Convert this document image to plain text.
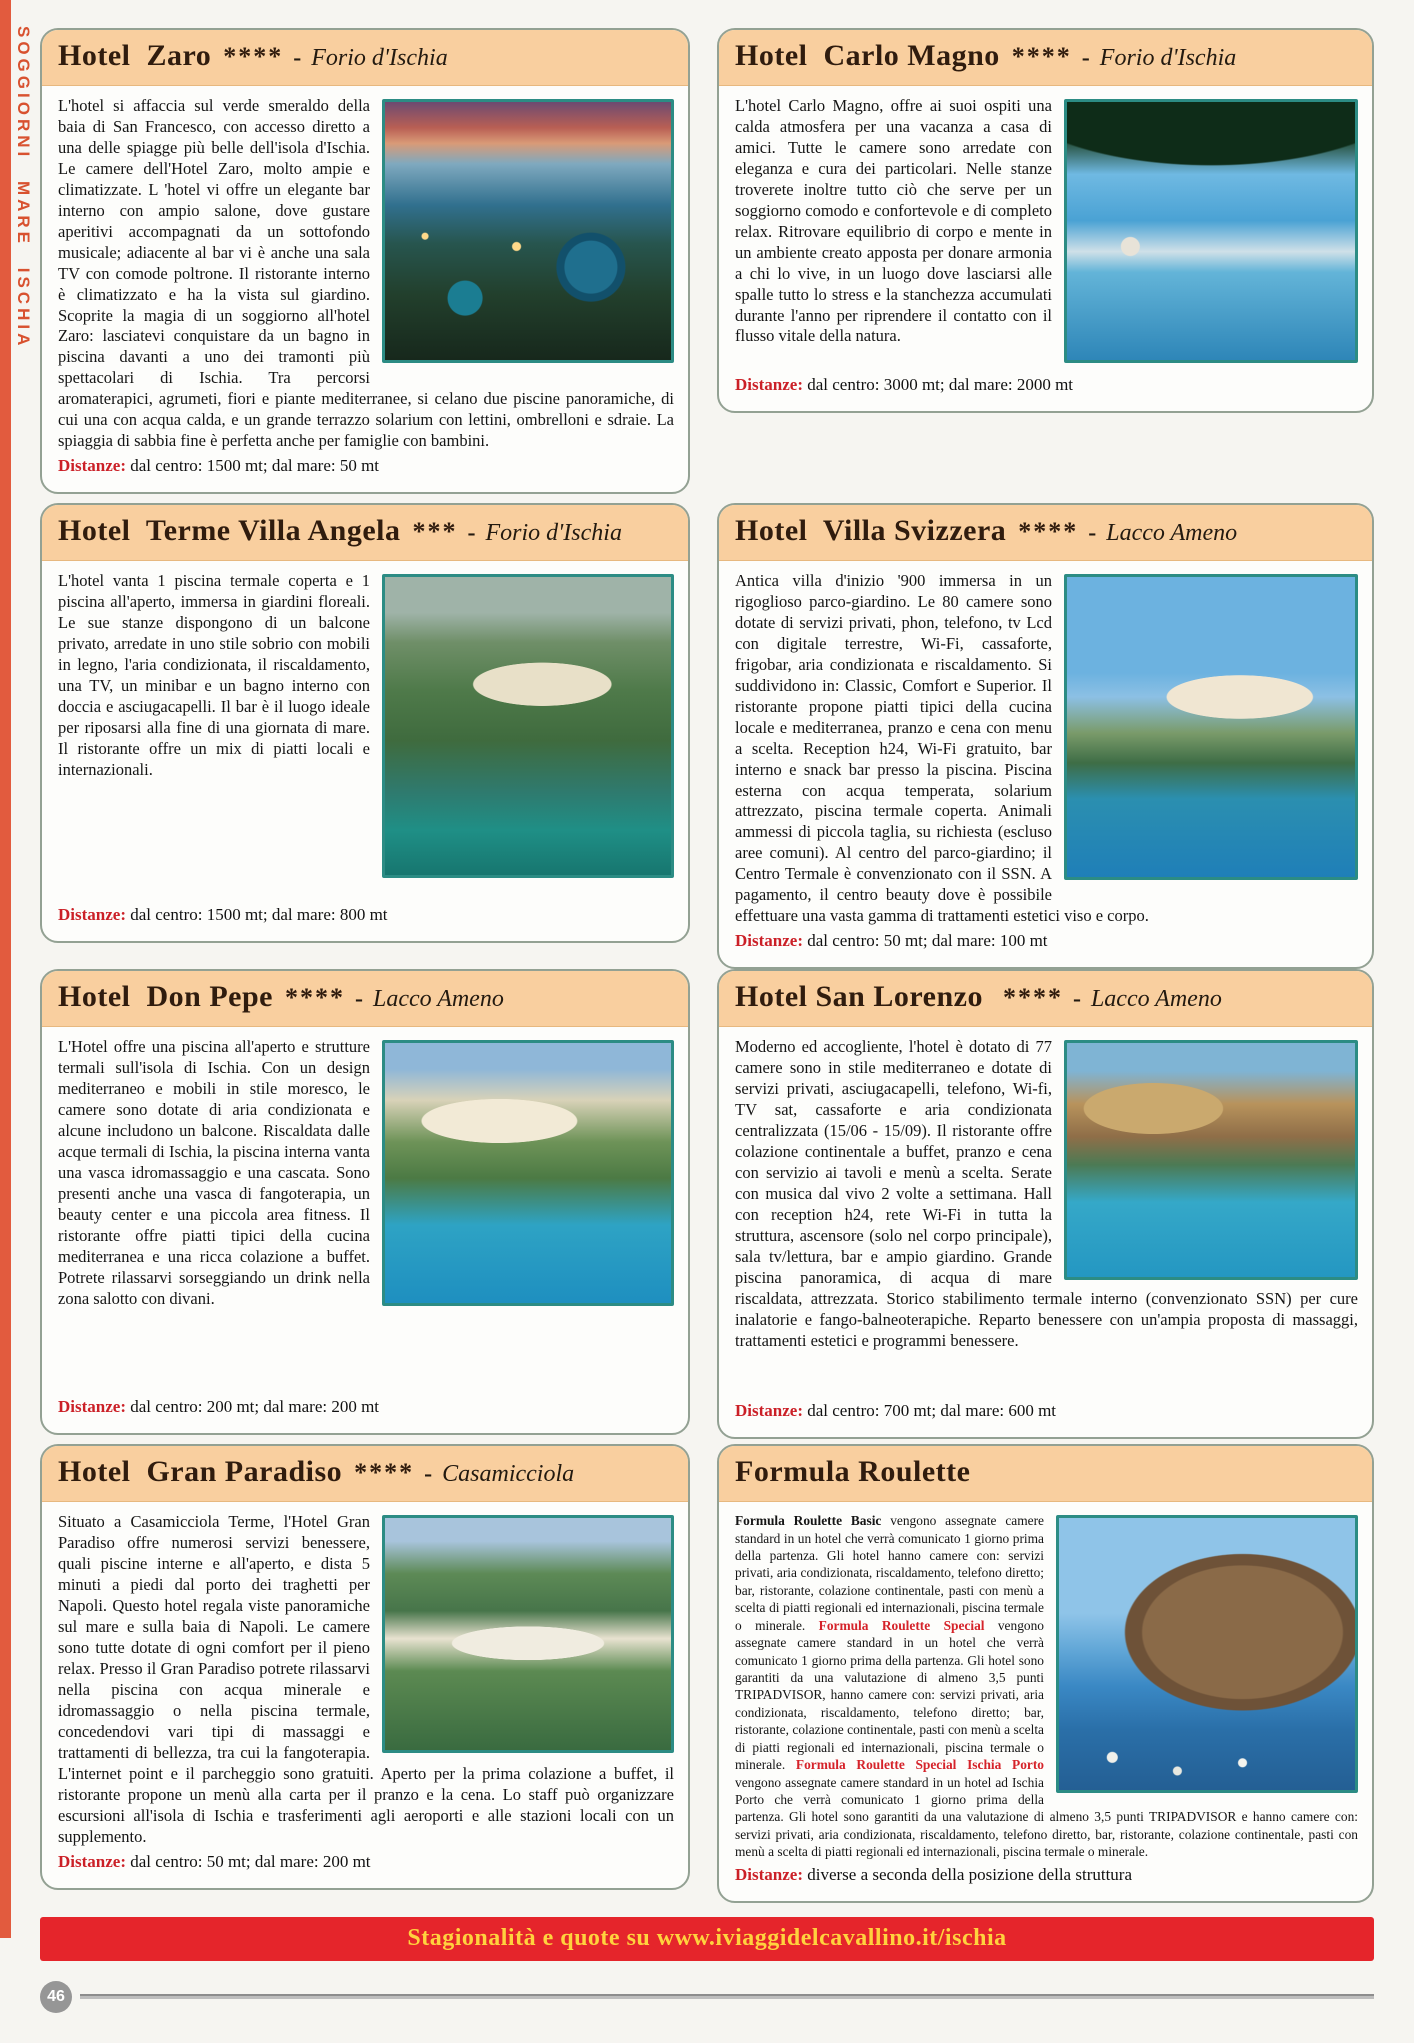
SOGGIORNI MARE ISCHIA Hotel  Zaro **** - Forio d'Ischia

L'hotel si affaccia sul verde smeraldo della baia di San Francesco, con accesso diretto a una delle spiagge più belle dell'isola d'Ischia. Le camere dell'Hotel Zaro, molto ampie e climatizzate. L 'hotel vi offre un elegante bar interno con ampio salone, dove gustare aperitivi accompagnati da un sottofondo musicale; adiacente al bar vi è anche una sala TV con comode poltrone. Il ristorante interno è climatizzato e ha la vista sul giardino. Scoprite la magia di un soggiorno all'hotel Zaro: lasciatevi conquistare da un bagno in piscina davanti a uno dei tramonti più spettacolari di Ischia. Tra percorsi aromaterapici, agrumeti, fiori e piante mediterranee, si celano due piscine panoramiche, di cui una con acqua calda, e un grande terrazzo solarium con lettini, ombrelloni e sdraie. La spiaggia di sabbia fine è perfetta anche per famiglie con bambini.

Distanze: dal centro: 1500 mt; dal mare: 50 mt

Hotel  Carlo Magno **** - Forio d'Ischia

L'hotel Carlo Magno, offre ai suoi ospiti una calda atmosfera per una vacanza a casa di amici. Tutte le camere sono arredate con eleganza e cura dei particolari. Nelle stanze troverete inoltre tutto ciò che serve per un soggiorno comodo e confortevole e di completo relax. Ritrovare equilibrio di corpo e mente in un ambiente creato apposta per donare armonia a chi lo vive, in un luogo dove lasciarsi alle spalle tutto lo stress e la stanchezza accumulati durante l'anno per riprendere il contatto con il flusso vitale della natura.

Distanze: dal centro: 3000 mt; dal mare: 2000 mt

Hotel  Terme Villa Angela *** - Forio d'Ischia

L'hotel vanta 1 piscina termale coperta e 1 piscina all'aperto, immersa in giardini floreali. Le sue stanze dispongono di un balcone privato, arredate in uno stile sobrio con mobili in legno, l'aria condizionata, il riscaldamento, una TV, un minibar e un bagno interno con doccia e asciugacapelli. Il bar è il luogo ideale per riposarsi alla fine di una giornata di mare. Il ristorante offre un mix di piatti locali e internazionali.

Distanze: dal centro: 1500 mt; dal mare: 800 mt

Hotel  Villa Svizzera **** - Lacco Ameno

Antica villa d'inizio '900 immersa in un rigoglioso parco-giardino. Le 80 camere sono dotate di servizi privati, phon, telefono, tv Lcd con digitale terrestre, Wi-Fi, cassaforte, frigobar, aria condizionata e riscaldamento. Si suddividono in: Classic, Comfort e Superior. Il ristorante propone piatti tipici della cucina locale e mediterranea, pranzo e cena con menu a scelta. Reception h24, Wi-Fi gratuito, bar interno e snack bar presso la piscina. Piscina esterna con acqua temperata, solarium attrezzato, piscina termale coperta. Animali ammessi di piccola taglia, su richiesta (escluso aree comuni). Al centro del parco-giardino; il Centro Termale è convenzionato con il SSN. A pagamento, il centro beauty dove è possibile effettuare una vasta gamma di trattamenti estetici viso e corpo.

Distanze: dal centro: 50 mt; dal mare: 100 mt

Hotel  Don Pepe **** - Lacco Ameno

L'Hotel offre una piscina all'aperto e strutture termali sull'isola di Ischia. Con un design mediterraneo e mobili in stile moresco, le camere sono dotate di aria condizionata e alcune includono un balcone. Riscaldata dalle acque termali di Ischia, la piscina interna vanta una vasca idromassaggio e una cascata. Sono presenti anche una vasca di fangoterapia, un beauty center e una piccola area fitness. Il ristorante offre piatti tipici della cucina mediterranea e una ricca colazione a buffet. Potrete rilassarvi sorseggiando un drink nella zona salotto con divani.

Distanze: dal centro: 200 mt; dal mare: 200 mt

Hotel San Lorenzo **** - Lacco Ameno

Moderno ed accogliente, l'hotel è dotato di 77 camere sono in stile mediterraneo e dotate di servizi privati, asciugacapelli, telefono, Wi-fi, TV sat, cassaforte e aria condizionata centralizzata (15/06 - 15/09). Il ristorante offre colazione continentale a buffet, pranzo e cena con servizio ai tavoli e menù a scelta. Serate con musica dal vivo 2 volte a settimana. Hall con reception h24, rete Wi-Fi in tutta la struttura, ascensore (solo nel corpo principale), sala tv/lettura, bar e ampio giardino. Grande piscina panoramica, di acqua di mare riscaldata, attrezzata. Storico stabilimento termale interno (convenzionato SSN) per cure inalatorie e fango-balneoterapiche. Reparto benessere con un'ampia proposta di massaggi, trattamenti estetici e programmi benessere.

Distanze: dal centro: 700 mt; dal mare: 600 mt

Hotel  Gran Paradiso **** - Casamicciola

Situato a Casamicciola Terme, l'Hotel Gran Paradiso offre numerosi servizi benessere, quali piscine interne e all'aperto, e dista 5 minuti a piedi dal porto dei traghetti per Napoli. Questo hotel regala viste panoramiche sul mare e sulla baia di Napoli. Le camere sono tutte dotate di ogni comfort per il pieno relax. Presso il Gran Paradiso potrete rilassarvi nella piscina con acqua minerale e idromassaggio o nella piscina termale, concedendovi vari tipi di massaggi e trattamenti di bellezza, tra cui la fangoterapia. L'internet point e il parcheggio sono gratuiti. Aperto per la prima colazione a buffet, il ristorante propone un menù alla carta per il pranzo e la cena. Lo staff può organizzare escursioni all'isola di Ischia e trasferimenti agli aeroporti e alle stazioni locali con un supplemento.

Distanze: dal centro: 50 mt; dal mare: 200 mt

Formula Roulette

Formula Roulette Basic vengono assegnate camere standard in un hotel che verrà comunicato 1 giorno prima della partenza. Gli hotel hanno camere con: servizi privati, aria condizionata, riscaldamento, telefono diretto; bar, ristorante, colazione continentale, pasti con menù a scelta di piatti regionali ed internazionali, piscina termale o minerale. Formula Roulette Special vengono assegnate camere standard in un hotel che verrà comunicato 1 giorno prima della partenza. Gli hotel sono garantiti da una valutazione di almeno 3,5 punti TRIPADVISOR, hanno camere con: servizi privati, aria condizionata, riscaldamento, telefono diretto; bar, ristorante, colazione continentale, pasti con menù a scelta di piatti regionali ed internazionali, piscina termale o minerale. Formula Roulette Special Ischia Porto vengono assegnate camere standard in un hotel ad Ischia Porto che verrà comunicato 1 giorno prima della partenza. Gli hotel sono garantiti da una valutazione di almeno 3,5 punti TRIPADVISOR e hanno camere con: servizi privati, aria condizionata, riscaldamento, telefono diretto, bar, ristorante, colazione continentale, pasti con menù a scelta di piatti regionali ed internazionali, piscina termale o minerale.

Distanze: diverse a seconda della posizione della struttura

Stagionalità e quote su www.iviaggidelcavallino.it/ischia
46
